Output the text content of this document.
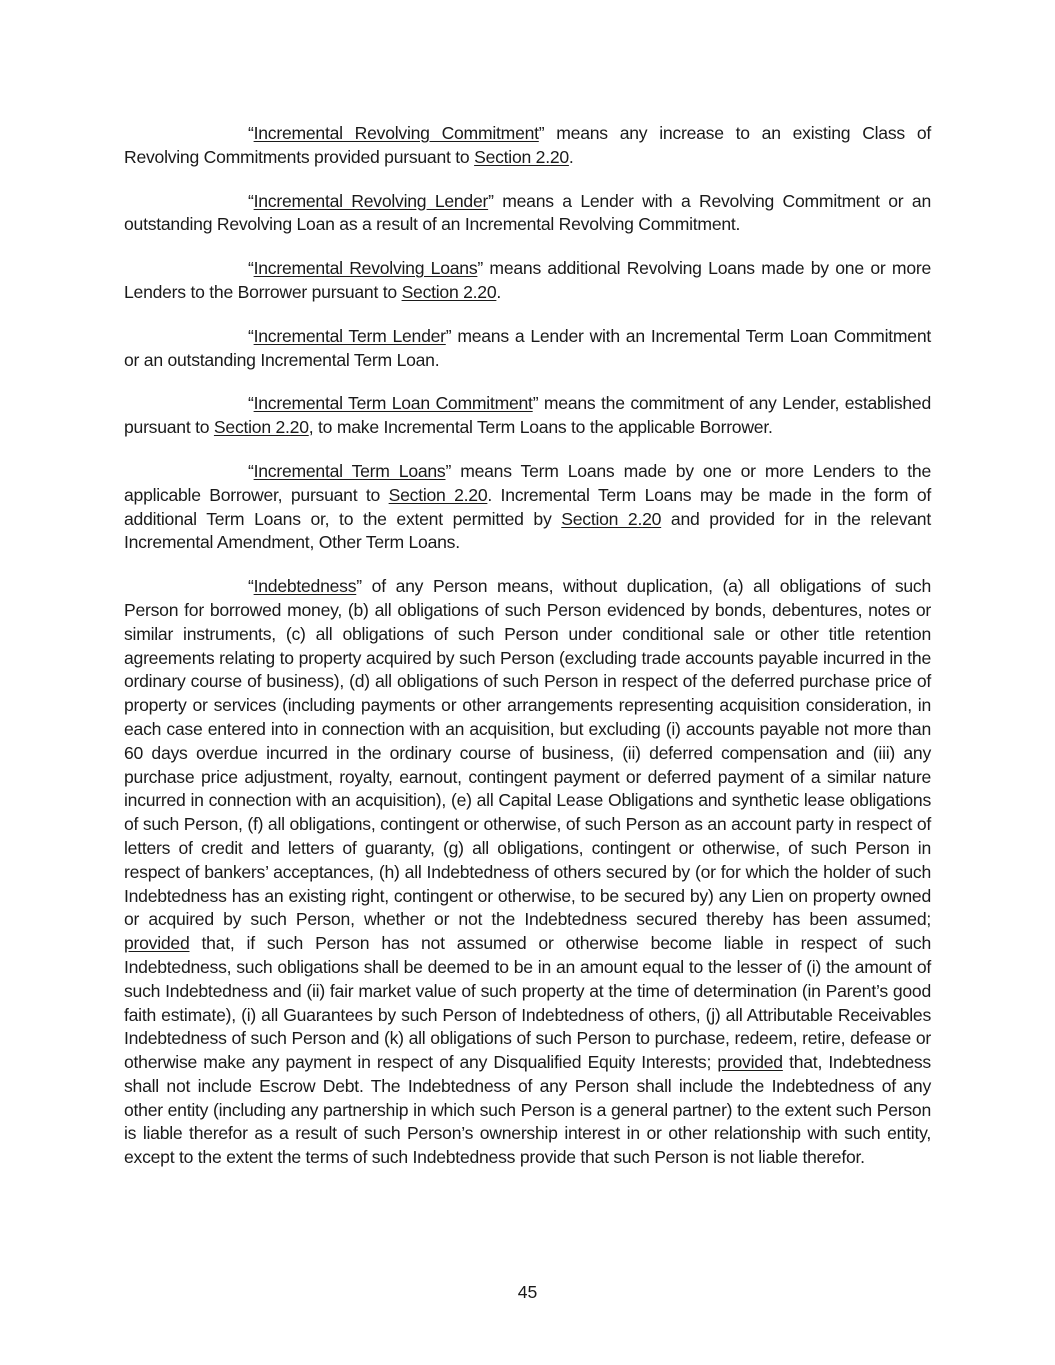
“Incremental Revolving Commitment” means any increase to an existing Class of Revolving Commitments provided pursuant to Section 2.20.

“Incremental Revolving Lender” means a Lender with a Revolving Commitment or an outstanding Revolving Loan as a result of an Incremental Revolving Commitment.

“Incremental Revolving Loans” means additional Revolving Loans made by one or more Lenders to the Borrower pursuant to Section 2.20.

“Incremental Term Lender” means a Lender with an Incremental Term Loan Commitment or an outstanding Incremental Term Loan.

“Incremental Term Loan Commitment” means the commitment of any Lender, established pursuant to Section 2.20, to make Incremental Term Loans to the applicable Borrower.

“Incremental Term Loans” means Term Loans made by one or more Lenders to the applicable Borrower, pursuant to Section 2.20. Incremental Term Loans may be made in the form of additional Term Loans or, to the extent permitted by Section 2.20 and provided for in the relevant Incremental Amendment, Other Term Loans.

“Indebtedness” of any Person means, without duplication, (a) all obligations of such Person for borrowed money, (b) all obligations of such Person evidenced by bonds, debentures, notes or similar instruments, (c) all obligations of such Person under conditional sale or other title retention agreements relating to property acquired by such Person (excluding trade accounts payable incurred in the ordinary course of business), (d) all obligations of such Person in respect of the deferred purchase price of property or services (including payments or other arrangements representing acquisition consideration, in each case entered into in connection with an acquisition, but excluding (i) accounts payable not more than 60 days overdue incurred in the ordinary course of business, (ii) deferred compensation and (iii) any purchase price adjustment, royalty, earnout, contingent payment or deferred payment of a similar nature incurred in connection with an acquisition), (e) all Capital Lease Obligations and synthetic lease obligations of such Person, (f) all obligations, contingent or otherwise, of such Person as an account party in respect of letters of credit and letters of guaranty, (g) all obligations, contingent or otherwise, of such Person in respect of bankers’ acceptances, (h) all Indebtedness of others secured by (or for which the holder of such Indebtedness has an existing right, contingent or otherwise, to be secured by) any Lien on property owned or acquired by such Person, whether or not the Indebtedness secured thereby has been assumed; provided that, if such Person has not assumed or otherwise become liable in respect of such Indebtedness, such obligations shall be deemed to be in an amount equal to the lesser of (i) the amount of such Indebtedness and (ii) fair market value of such property at the time of determination (in Parent’s good faith estimate), (i) all Guarantees by such Person of Indebtedness of others, (j) all Attributable Receivables Indebtedness of such Person and (k) all obligations of such Person to purchase, redeem, retire, defease or otherwise make any payment in respect of any Disqualified Equity Interests; provided that, Indebtedness shall not include Escrow Debt. The Indebtedness of any Person shall include the Indebtedness of any other entity (including any partnership in which such Person is a general partner) to the extent such Person is liable therefor as a result of such Person’s ownership interest in or other relationship with such entity, except to the extent the terms of such Indebtedness provide that such Person is not liable therefor.

45
